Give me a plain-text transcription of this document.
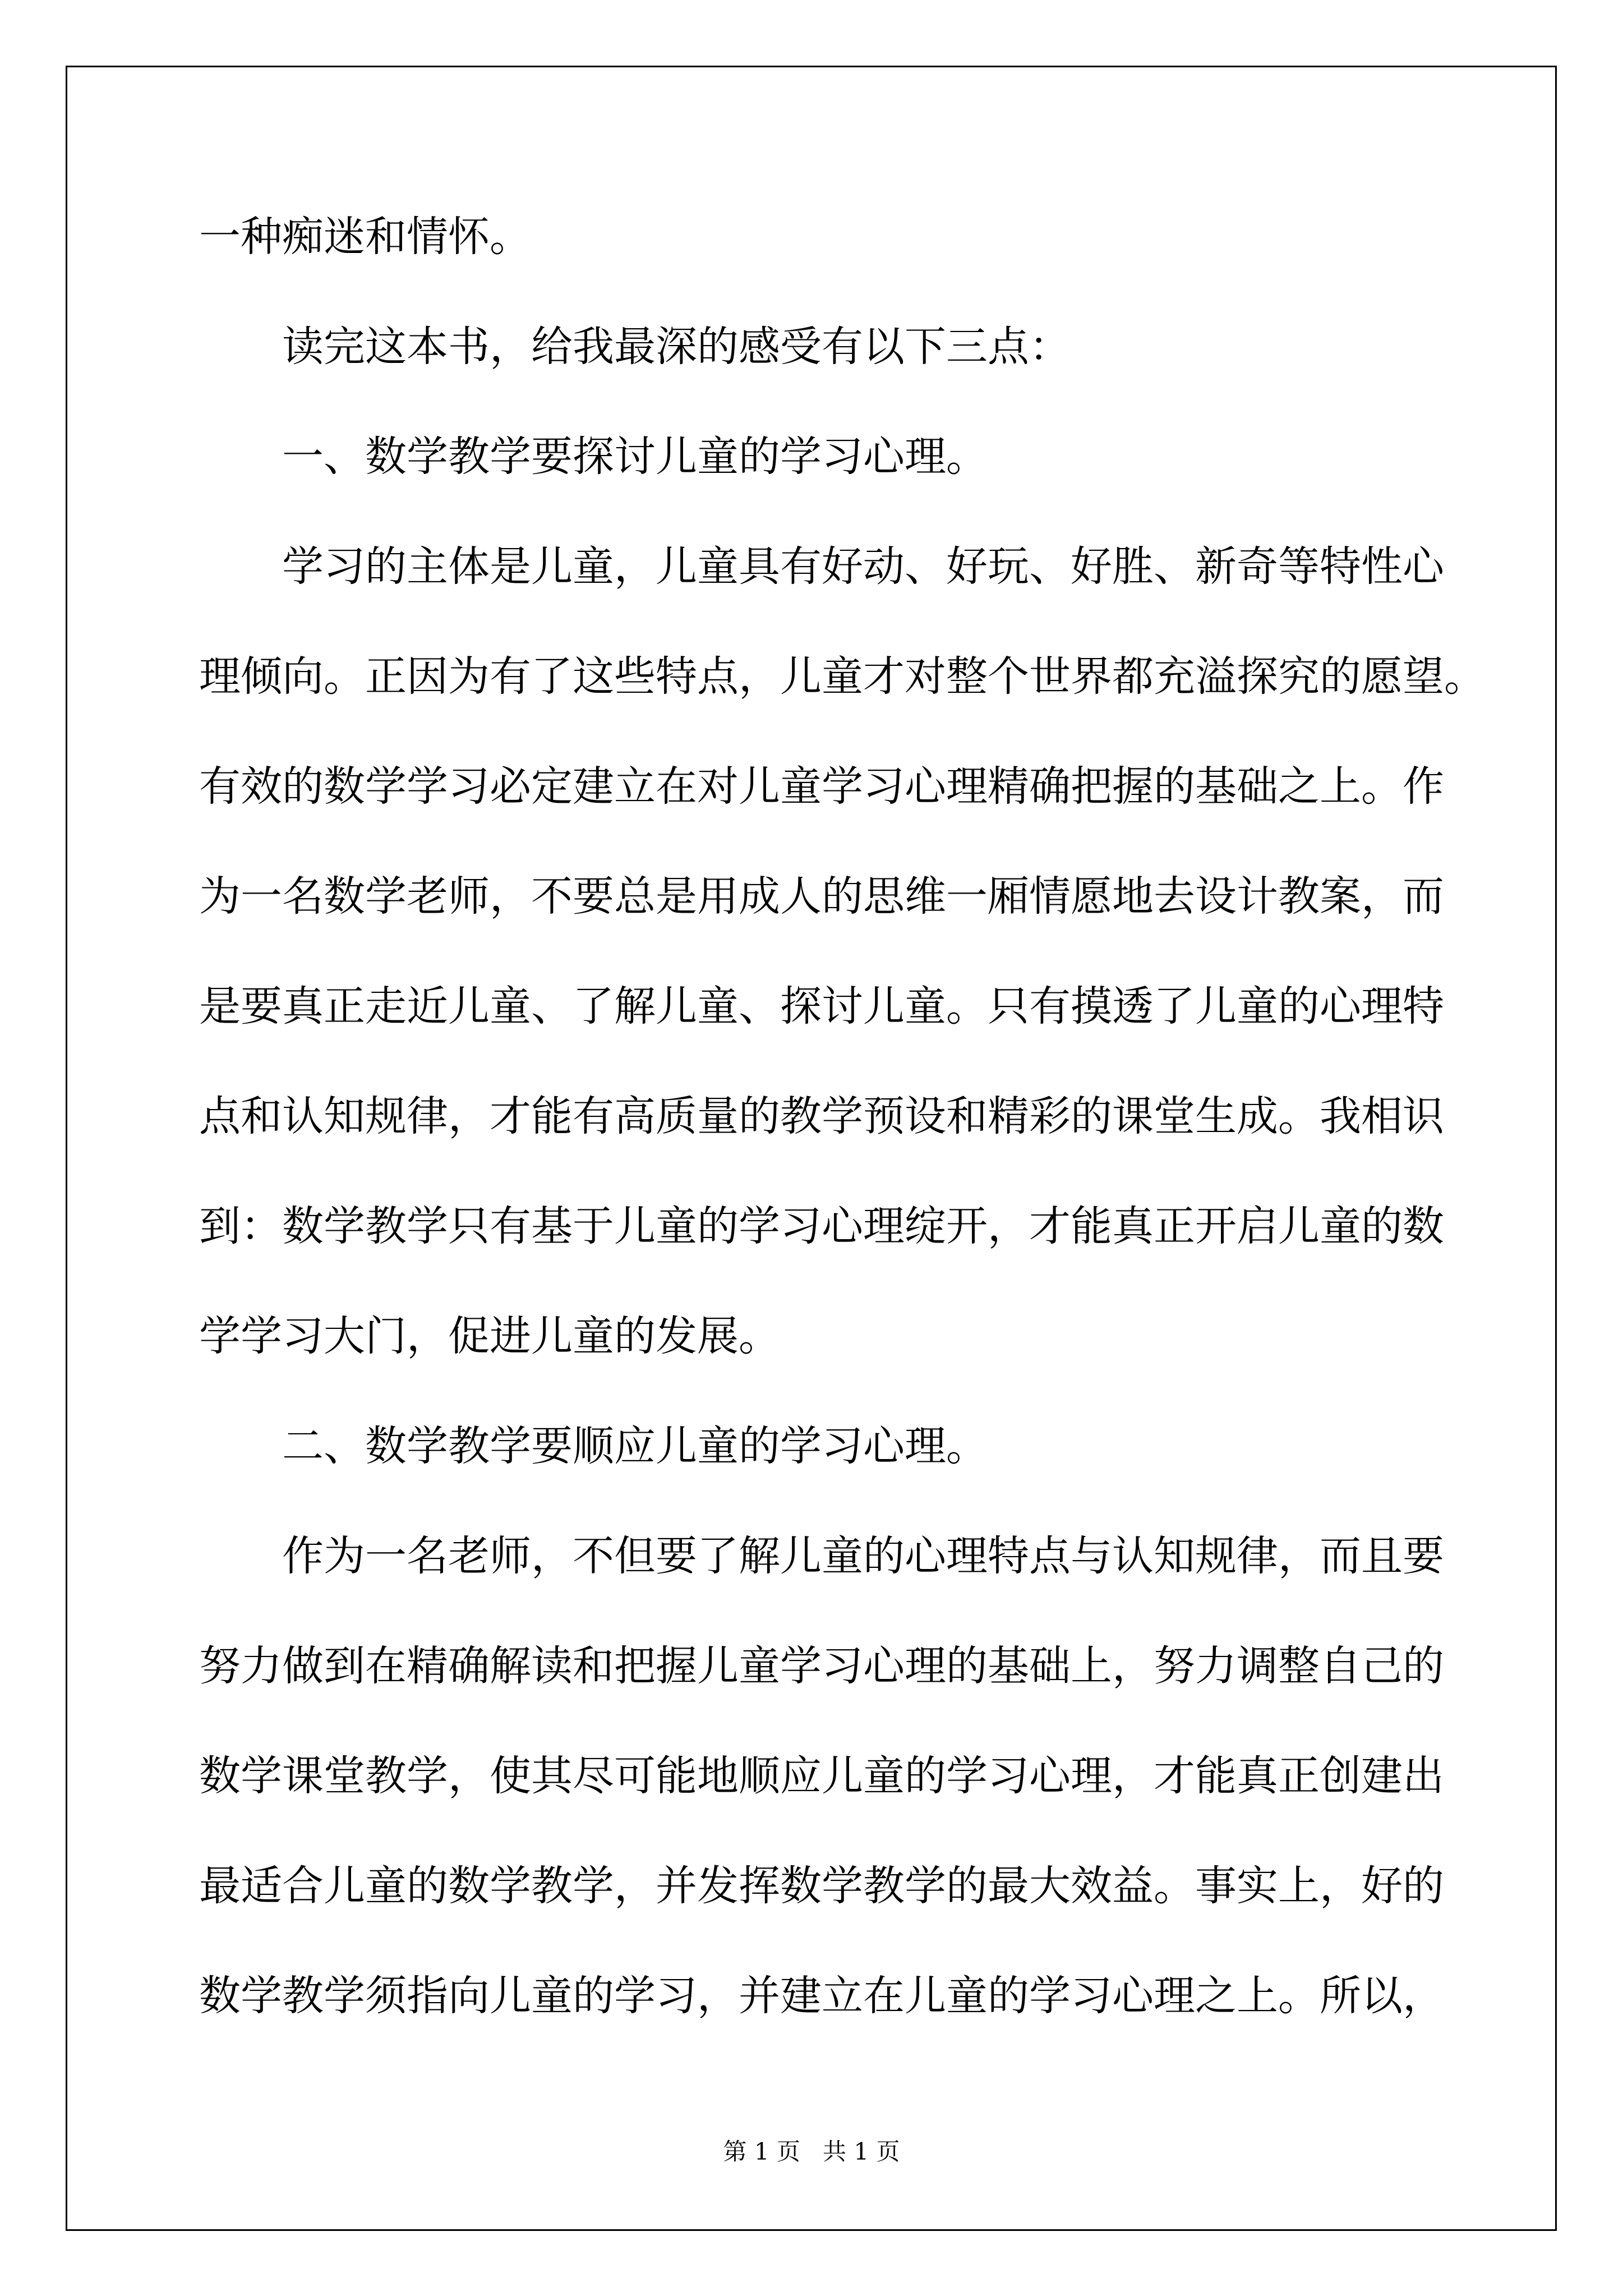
一种痴迷和情怀。
读完这本书，给我最深的感受有以下三点：
一、数学教学要探讨儿童的学习心理。
学习的主体是儿童，儿童具有好动、好玩、好胜、新奇等特性心
理倾向。正因为有了这些特点，儿童才对整个世界都充溢探究的愿望。
有效的数学学习必定建立在对儿童学习心理精确把握的基础之上。作
为一名数学老师，不要总是用成人的思维一厢情愿地去设计教案，而
是要真正走近儿童、了解儿童、探讨儿童。只有摸透了儿童的心理特
点和认知规律，才能有高质量的教学预设和精彩的课堂生成。我相识
到：数学教学只有基于儿童的学习心理绽开，才能真正开启儿童的数
学学习大门，促进儿童的发展。
二、数学教学要顺应儿童的学习心理。
作为一名老师，不但要了解儿童的心理特点与认知规律，而且要
努力做到在精确解读和把握儿童学习心理的基础上，努力调整自己的
数学课堂教学，使其尽可能地顺应儿童的学习心理，才能真正创建出
最适合儿童的数学教学，并发挥数学教学的最大效益。事实上，好的
数学教学须指向儿童的学习，并建立在儿童的学习心理之上。所以，
第 1 页   共 1 页
